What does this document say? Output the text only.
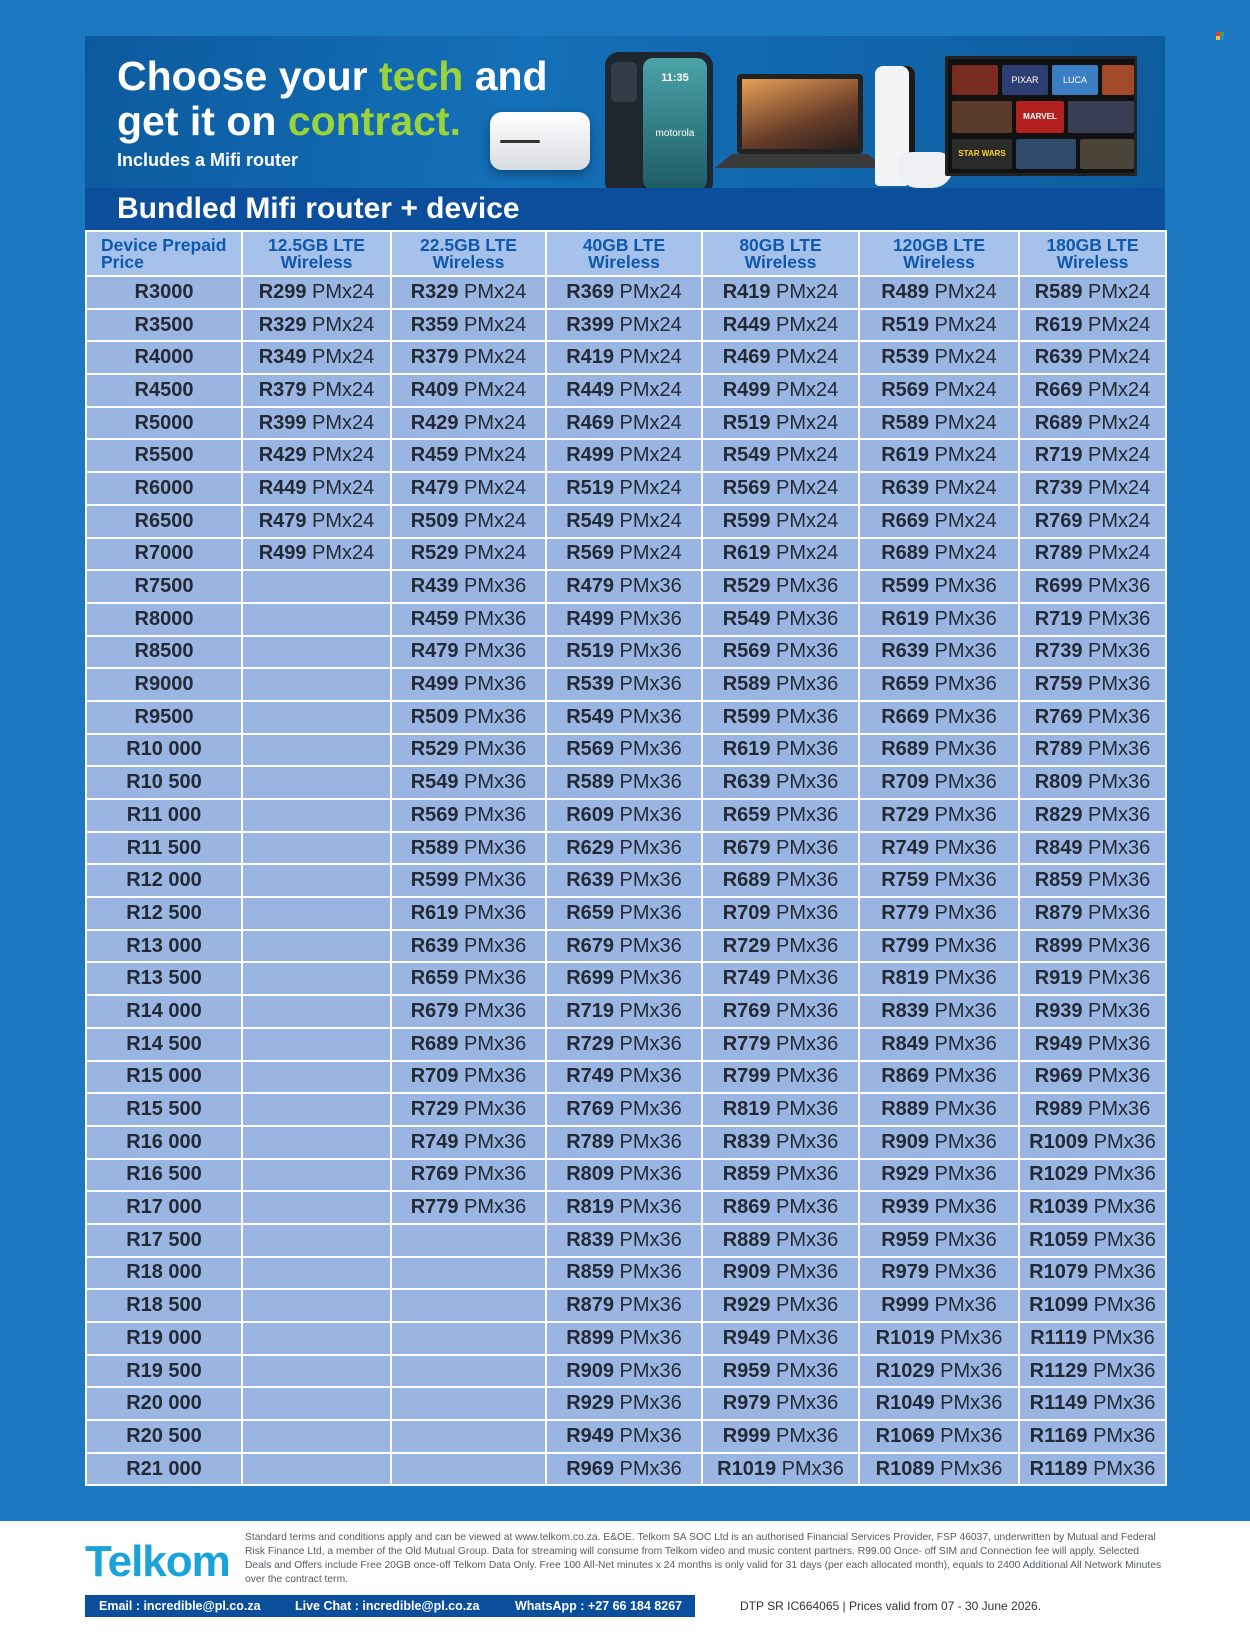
Choose your tech and
get it on contract.
Includes a Mifi router
11:35
motorola
PIXAR	LUCA
MARVEL
STAR WARS
Bundled Mifi router + device
Device Prepaid Price	12.5GB LTE Wireless	22.5GB LTE Wireless	40GB LTE Wireless	80GB LTE Wireless	120GB LTE Wireless	180GB LTE Wireless
R3000	R299 PMx24	R329 PMx24	R369 PMx24	R419 PMx24	R489 PMx24	R589 PMx24
R3500	R329 PMx24	R359 PMx24	R399 PMx24	R449 PMx24	R519 PMx24	R619 PMx24
R4000	R349 PMx24	R379 PMx24	R419 PMx24	R469 PMx24	R539 PMx24	R639 PMx24
R4500	R379 PMx24	R409 PMx24	R449 PMx24	R499 PMx24	R569 PMx24	R669 PMx24
R5000	R399 PMx24	R429 PMx24	R469 PMx24	R519 PMx24	R589 PMx24	R689 PMx24
R5500	R429 PMx24	R459 PMx24	R499 PMx24	R549 PMx24	R619 PMx24	R719 PMx24
R6000	R449 PMx24	R479 PMx24	R519 PMx24	R569 PMx24	R639 PMx24	R739 PMx24
R6500	R479 PMx24	R509 PMx24	R549 PMx24	R599 PMx24	R669 PMx24	R769 PMx24
R7000	R499 PMx24	R529 PMx24	R569 PMx24	R619 PMx24	R689 PMx24	R789 PMx24
R7500		R439 PMx36	R479 PMx36	R529 PMx36	R599 PMx36	R699 PMx36
R8000		R459 PMx36	R499 PMx36	R549 PMx36	R619 PMx36	R719 PMx36
R8500		R479 PMx36	R519 PMx36	R569 PMx36	R639 PMx36	R739 PMx36
R9000		R499 PMx36	R539 PMx36	R589 PMx36	R659 PMx36	R759 PMx36
R9500		R509 PMx36	R549 PMx36	R599 PMx36	R669 PMx36	R769 PMx36
R10 000		R529 PMx36	R569 PMx36	R619 PMx36	R689 PMx36	R789 PMx36
R10 500		R549 PMx36	R589 PMx36	R639 PMx36	R709 PMx36	R809 PMx36
R11 000		R569 PMx36	R609 PMx36	R659 PMx36	R729 PMx36	R829 PMx36
R11 500		R589 PMx36	R629 PMx36	R679 PMx36	R749 PMx36	R849 PMx36
R12 000		R599 PMx36	R639 PMx36	R689 PMx36	R759 PMx36	R859 PMx36
R12 500		R619 PMx36	R659 PMx36	R709 PMx36	R779 PMx36	R879 PMx36
R13 000		R639 PMx36	R679 PMx36	R729 PMx36	R799 PMx36	R899 PMx36
R13 500		R659 PMx36	R699 PMx36	R749 PMx36	R819 PMx36	R919 PMx36
R14 000		R679 PMx36	R719 PMx36	R769 PMx36	R839 PMx36	R939 PMx36
R14 500		R689 PMx36	R729 PMx36	R779 PMx36	R849 PMx36	R949 PMx36
R15 000		R709 PMx36	R749 PMx36	R799 PMx36	R869 PMx36	R969 PMx36
R15 500		R729 PMx36	R769 PMx36	R819 PMx36	R889 PMx36	R989 PMx36
R16 000		R749 PMx36	R789 PMx36	R839 PMx36	R909 PMx36	R1009 PMx36
R16 500		R769 PMx36	R809 PMx36	R859 PMx36	R929 PMx36	R1029 PMx36
R17 000		R779 PMx36	R819 PMx36	R869 PMx36	R939 PMx36	R1039 PMx36
R17 500			R839 PMx36	R889 PMx36	R959 PMx36	R1059 PMx36
R18 000			R859 PMx36	R909 PMx36	R979 PMx36	R1079 PMx36
R18 500			R879 PMx36	R929 PMx36	R999 PMx36	R1099 PMx36
R19 000			R899 PMx36	R949 PMx36	R1019 PMx36	R1119 PMx36
R19 500			R909 PMx36	R959 PMx36	R1029 PMx36	R1129 PMx36
R20 000			R929 PMx36	R979 PMx36	R1049 PMx36	R1149 PMx36
R20 500			R949 PMx36	R999 PMx36	R1069 PMx36	R1169 PMx36
R21 000			R969 PMx36	R1019 PMx36	R1089 PMx36	R1189 PMx36
Telkom Standard terms and conditions apply and can be viewed at www.telkom.co.za. E&OE. Telkom SA SOC Ltd is an authorised Financial Services Provider, FSP 46037, underwritten by Mutual and Federal Risk Finance Ltd, a member of the Old Mutual Group. Data for streaming will consume from Telkom video and music content partners. R99.00 Once- off SIM and Connection fee will apply. Selected Deals and Offers include Free 20GB once-off Telkom Data Only. Free 100 All-Net minutes x 24 months is only valid for 31 days (per each allocated month), equals to 2400 Additional All Network Minutes over the contract term.
Email : incredible@pl.co.za	Live Chat : incredible@pl.co.za	WhatsApp : +27 66 184 8267	DTP SR IC664065 | Prices valid from 07 - 30 June 2026.
